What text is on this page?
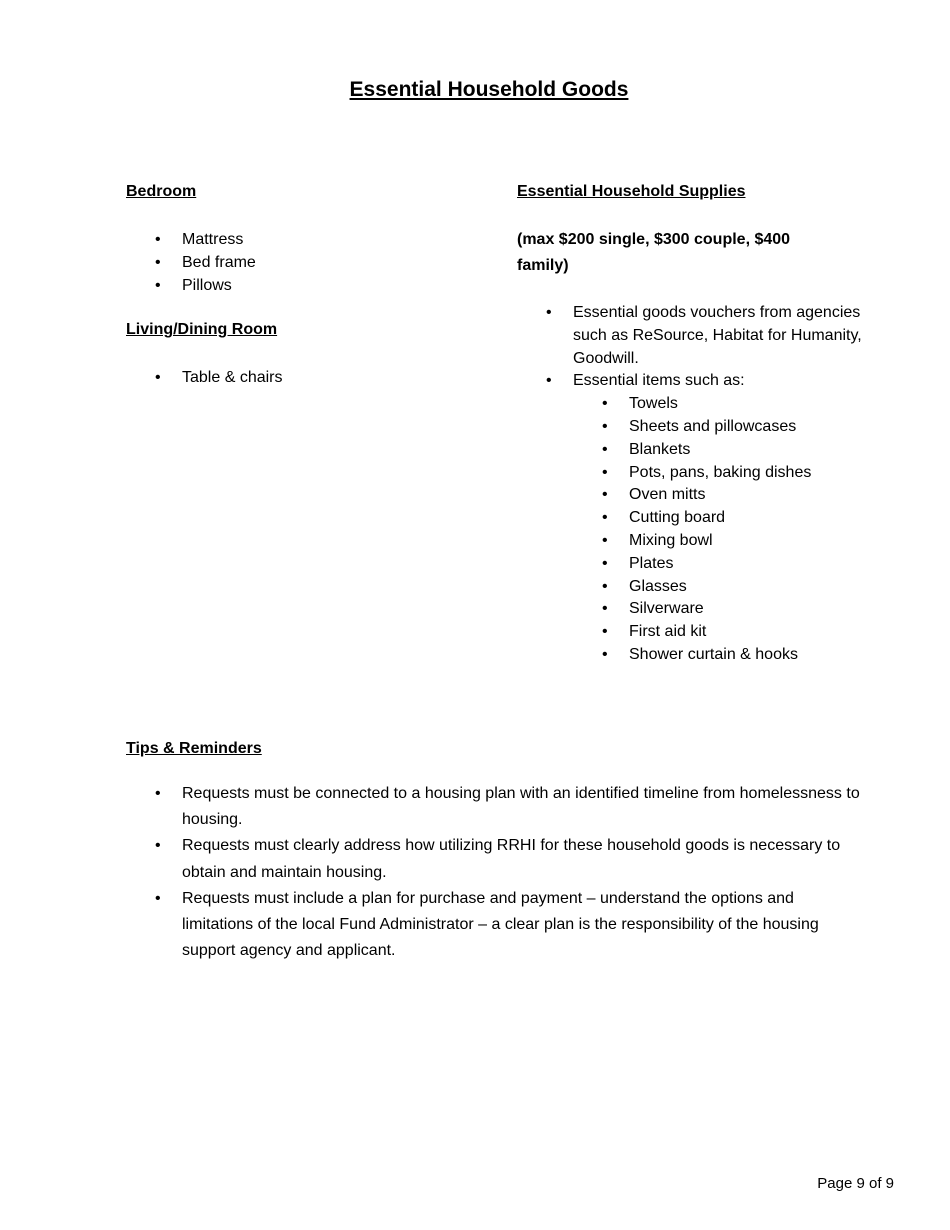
Essential Household Goods
Bedroom
• Mattress
• Bed frame
• Pillows
Living/Dining Room
• Table & chairs
Essential Household Supplies

(max $200 single, $300 couple, $400 family)

• Essential goods vouchers from agencies such as ReSource, Habitat for Humanity, Goodwill.
• Essential items such as:
• Towels
• Sheets and pillowcases
• Blankets
• Pots, pans, baking dishes
• Oven mitts
• Cutting board
• Mixing bowl
• Plates
• Glasses
• Silverware
• First aid kit
• Shower curtain & hooks
Tips & Reminders
• Requests must be connected to a housing plan with an identified timeline from homelessness to housing.
• Requests must clearly address how utilizing RRHI for these household goods is necessary to obtain and maintain housing.
• Requests must include a plan for purchase and payment – understand the options and limitations of the local Fund Administrator – a clear plan is the responsibility of the housing support agency and applicant.
Page 9 of 9
